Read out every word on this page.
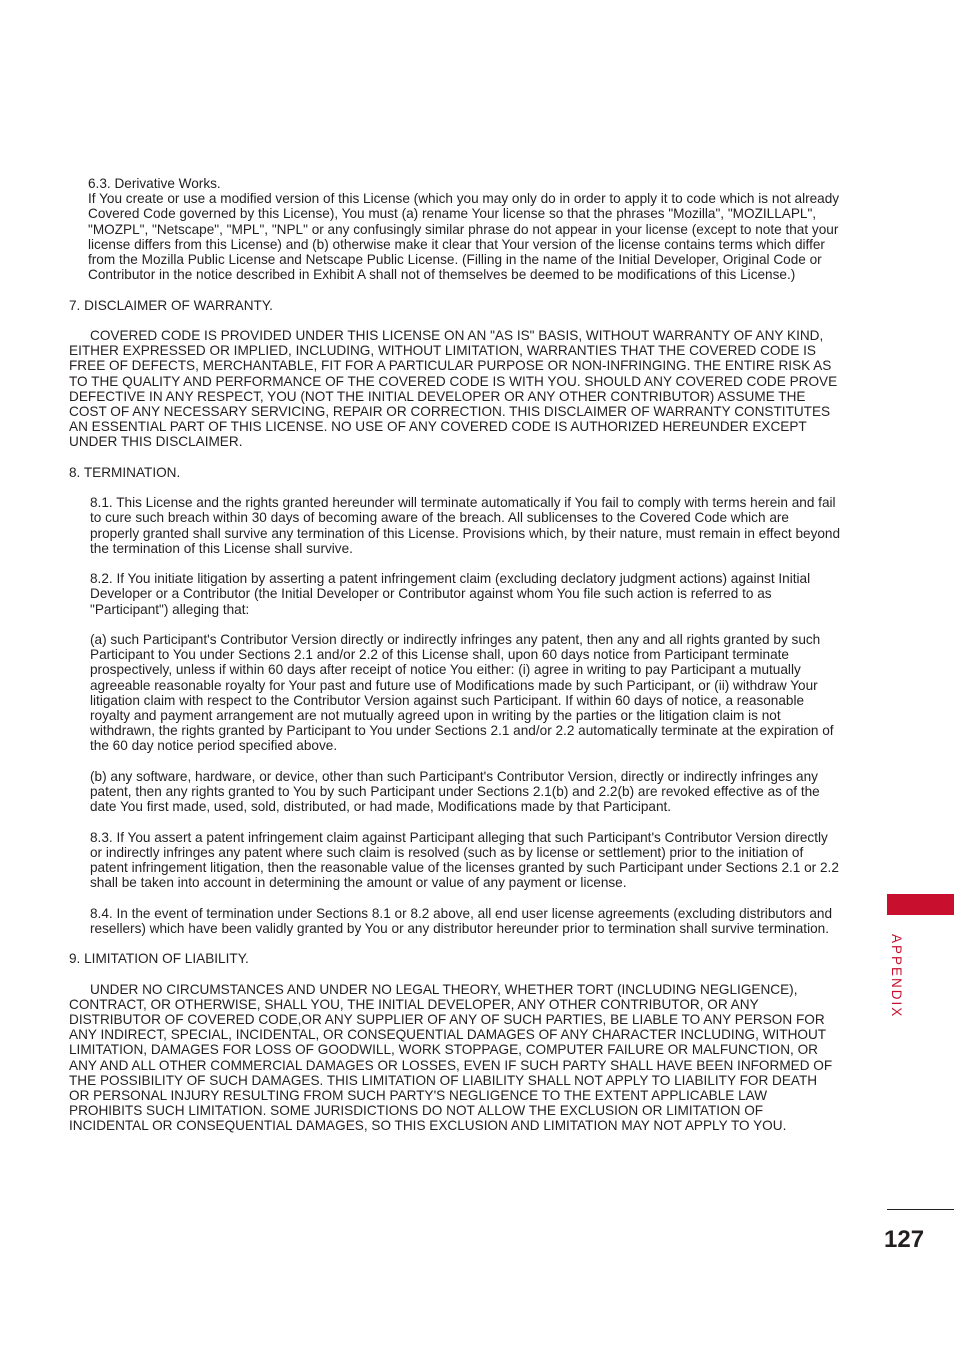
6.3. Derivative Works.

If You create or use a modified version of this License (which you may only do in order to apply it to code which is not already Covered Code governed by this License), You must (a) rename Your license so that the phrases "Mozilla", "MOZILLAPL", "MOZPL", "Netscape", "MPL", "NPL" or any confusingly similar phrase do not appear in your license (except to note that your license differs from this License) and (b) otherwise make it clear that Your version of the license contains terms which differ from the Mozilla Public License and Netscape Public License. (Filling in the name of the Initial Developer, Original Code or Contributor in the notice described in Exhibit A shall not of themselves be deemed to be modifications of this License.)

7. DISCLAIMER OF WARRANTY.

COVERED CODE IS PROVIDED UNDER THIS LICENSE ON AN "AS IS" BASIS, WITHOUT WARRANTY OF ANY KIND, EITHER EXPRESSED OR IMPLIED, INCLUDING, WITHOUT LIMITATION, WARRANTIES THAT THE COVERED CODE IS FREE OF DEFECTS, MERCHANTABLE, FIT FOR A PARTICULAR PURPOSE OR NON-INFRINGING. THE ENTIRE RISK AS TO THE QUALITY AND PERFORMANCE OF THE COVERED CODE IS WITH YOU. SHOULD ANY COVERED CODE PROVE DEFECTIVE IN ANY RESPECT, YOU (NOT THE INITIAL DEVELOPER OR ANY OTHER CONTRIBUTOR) ASSUME THE COST OF ANY NECESSARY SERVICING, REPAIR OR CORRECTION. THIS DISCLAIMER OF WARRANTY CONSTITUTES AN ESSENTIAL PART OF THIS LICENSE. NO USE OF ANY COVERED CODE IS AUTHORIZED HEREUNDER EXCEPT UNDER THIS DISCLAIMER.

8. TERMINATION.

8.1. This License and the rights granted hereunder will terminate automatically if You fail to comply with terms herein and fail to cure such breach within 30 days of becoming aware of the breach. All sublicenses to the Covered Code which are properly granted shall survive any termination of this License. Provisions which, by their nature, must remain in effect beyond the termination of this License shall survive.

8.2. If You initiate litigation by asserting a patent infringement claim (excluding declatory judgment actions) against Initial Developer or a Contributor (the Initial Developer or Contributor against whom You file such action is referred to as "Participant") alleging that:

(a) such Participant's Contributor Version directly or indirectly infringes any patent, then any and all rights granted by such Participant to You under Sections 2.1 and/or 2.2 of this License shall, upon 60 days notice from Participant terminate prospectively, unless if within 60 days after receipt of notice You either: (i) agree in writing to pay Participant a mutually agreeable reasonable royalty for Your past and future use of Modifications made by such Participant, or (ii) withdraw Your litigation claim with respect to the Contributor Version against such Participant. If within 60 days of notice, a reasonable royalty and payment arrangement are not mutually agreed upon in writing by the parties or the litigation claim is not withdrawn, the rights granted by Participant to You under Sections 2.1 and/or 2.2 automatically terminate at the expiration of the 60 day notice period specified above.

(b) any software, hardware, or device, other than such Participant's Contributor Version, directly or indirectly infringes any patent, then any rights granted to You by such Participant under Sections 2.1(b) and 2.2(b) are revoked effective as of the date You first made, used, sold, distributed, or had made, Modifications made by that Participant.

8.3. If You assert a patent infringement claim against Participant alleging that such Participant's Contributor Version directly or indirectly infringes any patent where such claim is resolved (such as by license or settlement) prior to the initiation of patent infringement litigation, then the reasonable value of the licenses granted by such Participant under Sections 2.1 or 2.2 shall be taken into account in determining the amount or value of any payment or license.

8.4. In the event of termination under Sections 8.1 or 8.2 above, all end user license agreements (excluding distributors and resellers) which have been validly granted by You or any distributor hereunder prior to termination shall survive termination.

9. LIMITATION OF LIABILITY.

UNDER NO CIRCUMSTANCES AND UNDER NO LEGAL THEORY, WHETHER TORT (INCLUDING NEGLIGENCE), CONTRACT, OR OTHERWISE, SHALL YOU, THE INITIAL DEVELOPER, ANY OTHER CONTRIBUTOR, OR ANY DISTRIBUTOR OF COVERED CODE,OR ANY SUPPLIER OF ANY OF SUCH PARTIES, BE LIABLE TO ANY PERSON FOR ANY INDIRECT, SPECIAL, INCIDENTAL, OR CONSEQUENTIAL DAMAGES OF ANY CHARACTER INCLUDING, WITHOUT LIMITATION, DAMAGES FOR LOSS OF GOODWILL, WORK STOPPAGE, COMPUTER FAILURE OR MALFUNCTION, OR ANY AND ALL OTHER COMMERCIAL DAMAGES OR LOSSES, EVEN IF SUCH PARTY SHALL HAVE BEEN INFORMED OF THE POSSIBILITY OF SUCH DAMAGES. THIS LIMITATION OF LIABILITY SHALL NOT APPLY TO LIABILITY FOR DEATH OR PERSONAL INJURY RESULTING FROM SUCH PARTY'S NEGLIGENCE TO THE EXTENT APPLICABLE LAW PROHIBITS SUCH LIMITATION. SOME JURISDICTIONS DO NOT ALLOW THE EXCLUSION OR LIMITATION OF INCIDENTAL OR CONSEQUENTIAL DAMAGES, SO THIS EXCLUSION AND LIMITATION MAY NOT APPLY TO YOU.

APPENDIX
127
